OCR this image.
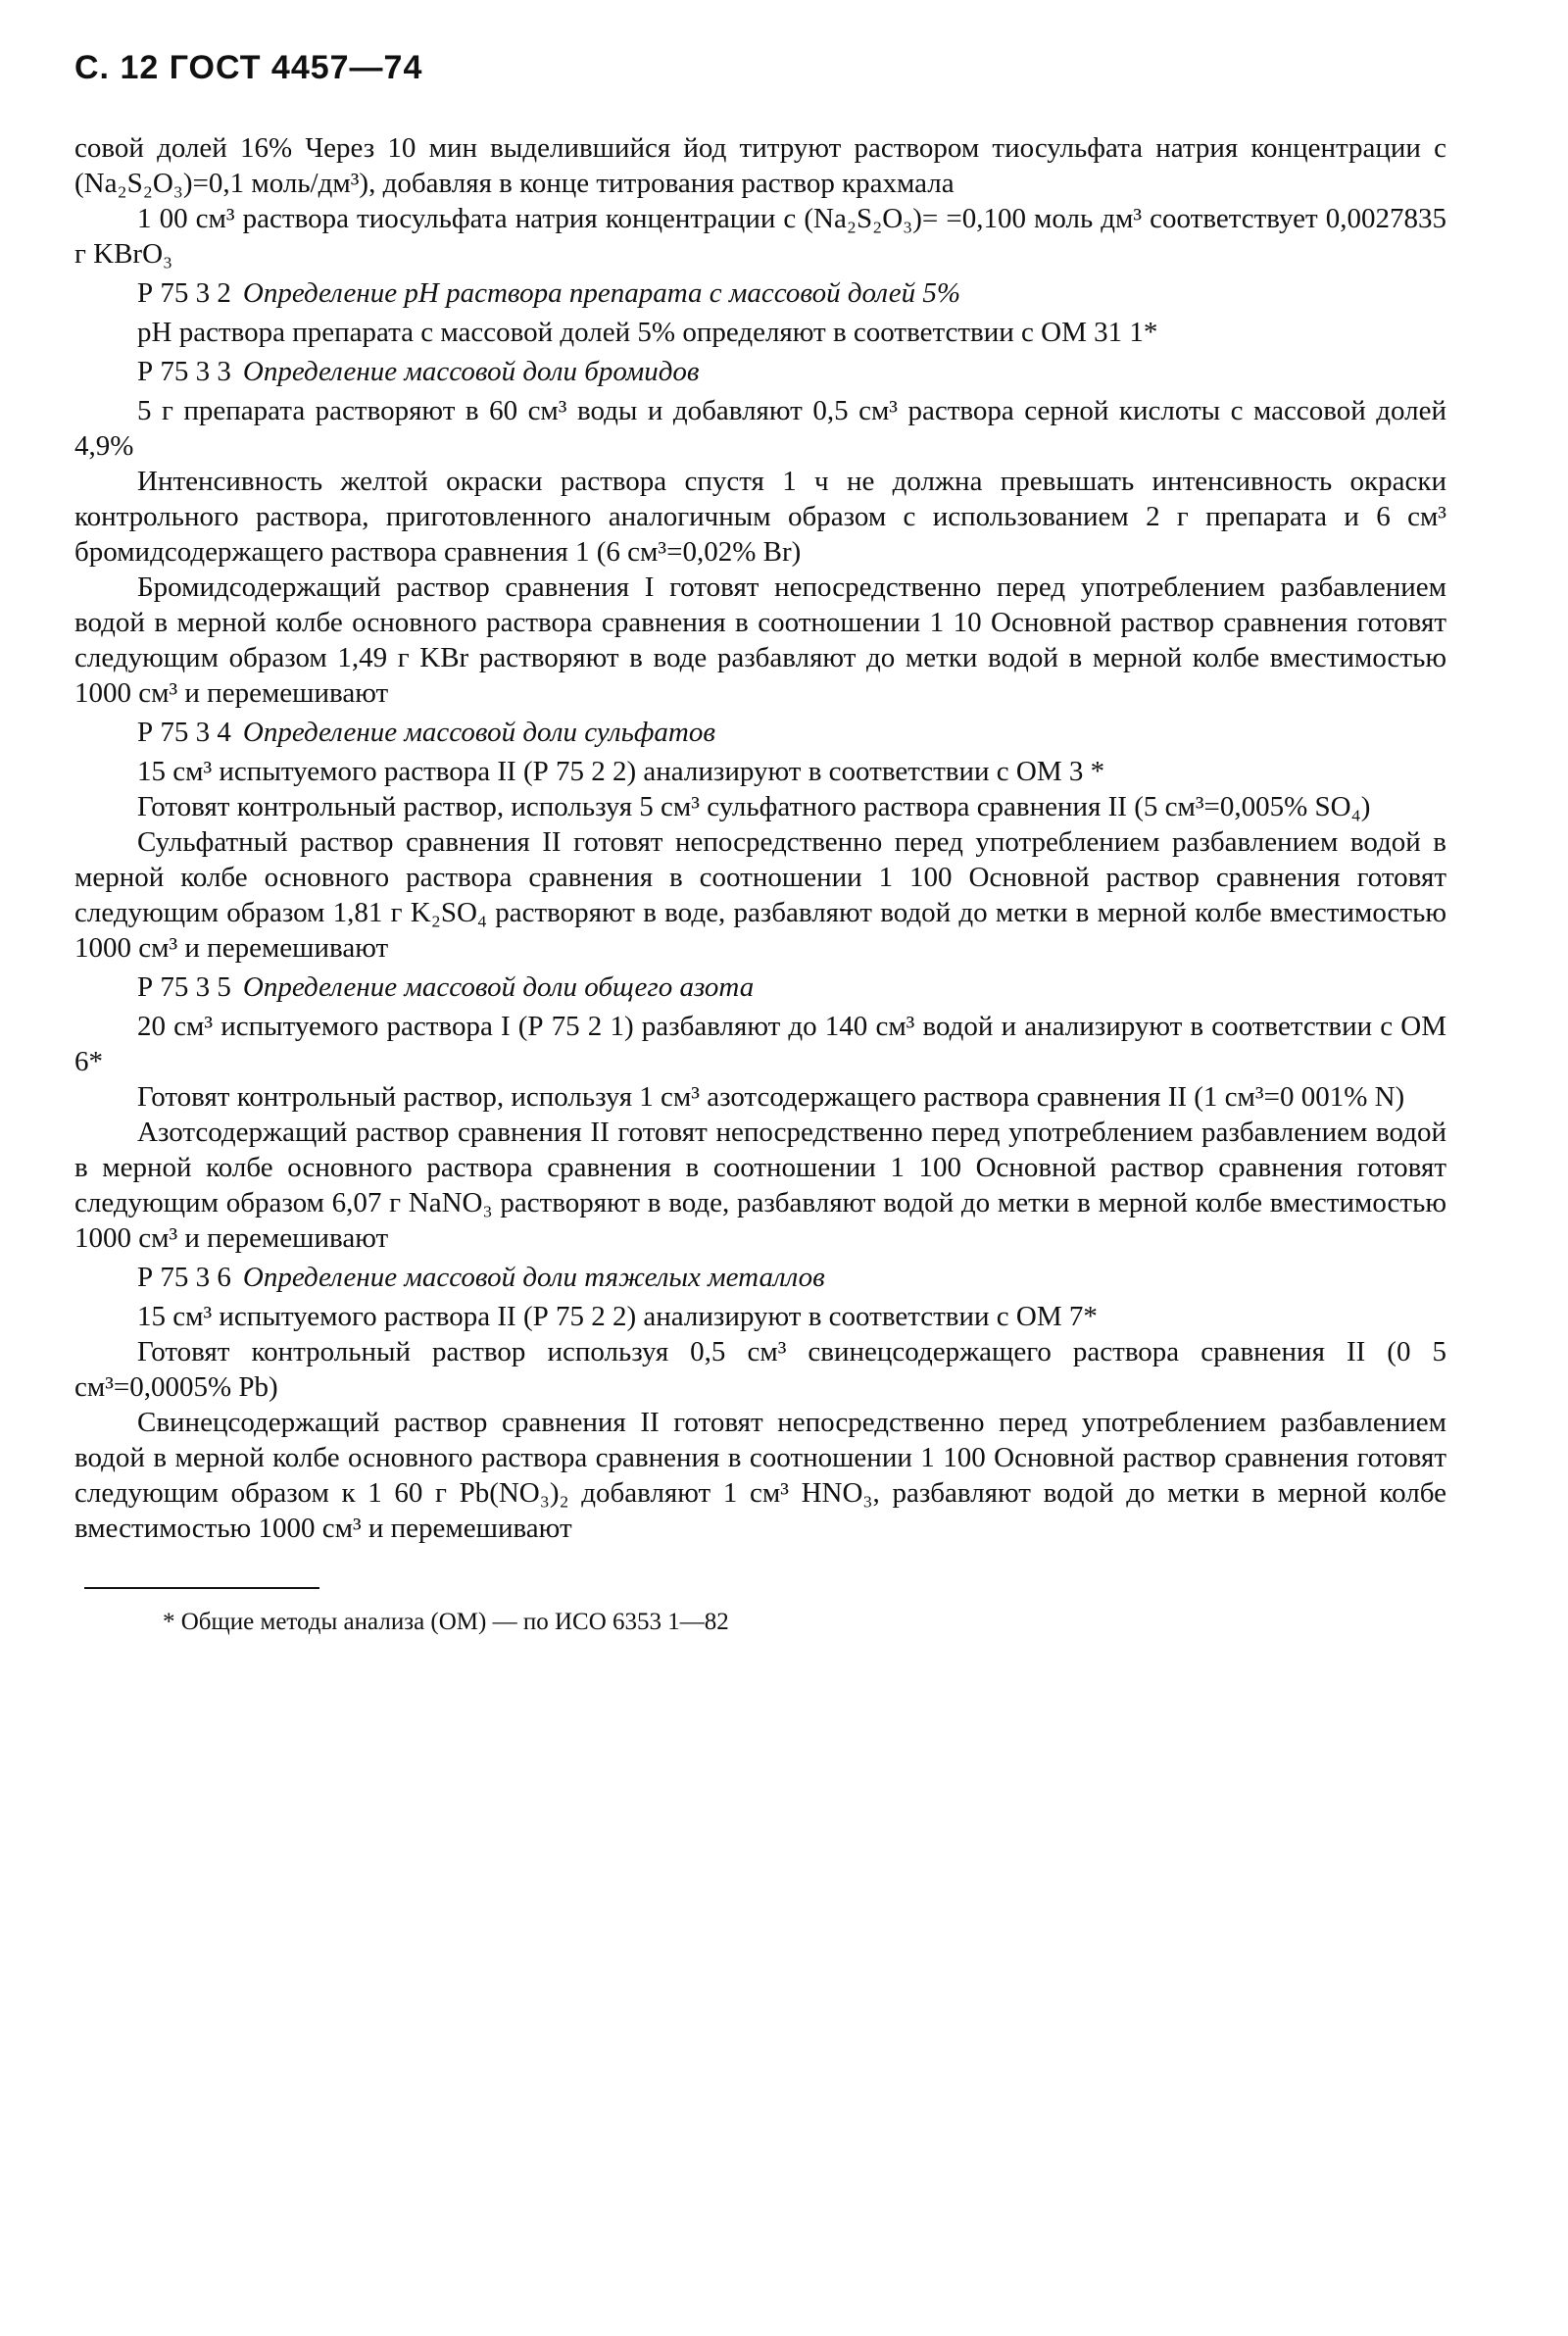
С. 12 ГОСТ 4457—74

совой долей 16% Через 10 мин выделившийся йод титруют раствором тиосульфата натрия концентрации c (Na₂S₂O₃)=0,1 моль/дм³), добавляя в конце титрования раствор крахмала

1 00 см³ раствора тиосульфата натрия концентрации c (Na₂S₂O₃)= =0,100 моль дм³ соответствует 0,0027835 г KBrO₃

Р 75 3 2 Определение pH раствора препарата с массовой долей 5%

pH раствора препарата с массовой долей 5% определяют в соответствии с ОМ 31 1*

Р 75 3 3 Определение массовой доли бромидов

5 г препарата растворяют в 60 см³ воды и добавляют 0,5 см³ раствора серной кислоты с массовой долей 4,9%

Интенсивность желтой окраски раствора спустя 1 ч не должна превышать интенсивность окраски контрольного раствора, приготовленного аналогичным образом с использованием 2 г препарата и 6 см³ бромидсодержащего раствора сравнения 1 (6 см³=0,02% Br)

Бромидсодержащий раствор сравнения I готовят непосредственно перед употреблением разбавлением водой в мерной колбе основного раствора сравнения в соотношении 1 10 Основной раствор сравнения готовят следующим образом 1,49 г KBr растворяют в воде разбавляют до метки водой в мерной колбе вместимостью 1000 см³ и перемешивают

Р 75 3 4 Определение массовой доли сульфатов

15 см³ испытуемого раствора II (Р 75 2 2) анализируют в соответствии с ОМ 3 *

Готовят контрольный раствор, используя 5 см³ сульфатного раствора сравнения II (5 см³=0,005% SO₄)

Сульфатный раствор сравнения II готовят непосредственно перед употреблением разбавлением водой в мерной колбе основного раствора сравнения в соотношении 1 100 Основной раствор сравнения готовят следующим образом 1,81 г K₂SO₄ растворяют в воде, разбавляют водой до метки в мерной колбе вместимостью 1000 см³ и перемешивают

Р 75 3 5 Определение массовой доли общего азота

20 см³ испытуемого раствора I (Р 75 2 1) разбавляют до 140 см³ водой и анализируют в соответствии с ОМ 6*

Готовят контрольный раствор, используя 1 см³ азотсодержащего раствора сравнения II (1 см³=0 001% N)

Азотсодержащий раствор сравнения II готовят непосредственно перед употреблением разбавлением водой в мерной колбе основного раствора сравнения в соотношении 1 100 Основной раствор сравнения готовят следующим образом 6,07 г NaNO₃ растворяют в воде, разбавляют водой до метки в мерной колбе вместимостью 1000 см³ и перемешивают

Р 75 3 6 Определение массовой доли тяжелых металлов

15 см³ испытуемого раствора II (Р 75 2 2) анализируют в соответствии с ОМ 7*

Готовят контрольный раствор используя 0,5 см³ свинецсодержащего раствора сравнения II (0 5 см³=0,0005% Pb)

Свинецсодержащий раствор сравнения II готовят непосредственно перед употреблением разбавлением водой в мерной колбе основного раствора сравнения в соотношении 1 100 Основной раствор сравнения готовят следующим образом к 1 60 г Pb(NO₃)₂ добавляют 1 см³ HNO₃, разбавляют водой до метки в мерной колбе вместимостью 1000 см³ и перемешивают

* Общие методы анализа (ОМ) — по ИСО 6353 1—82
